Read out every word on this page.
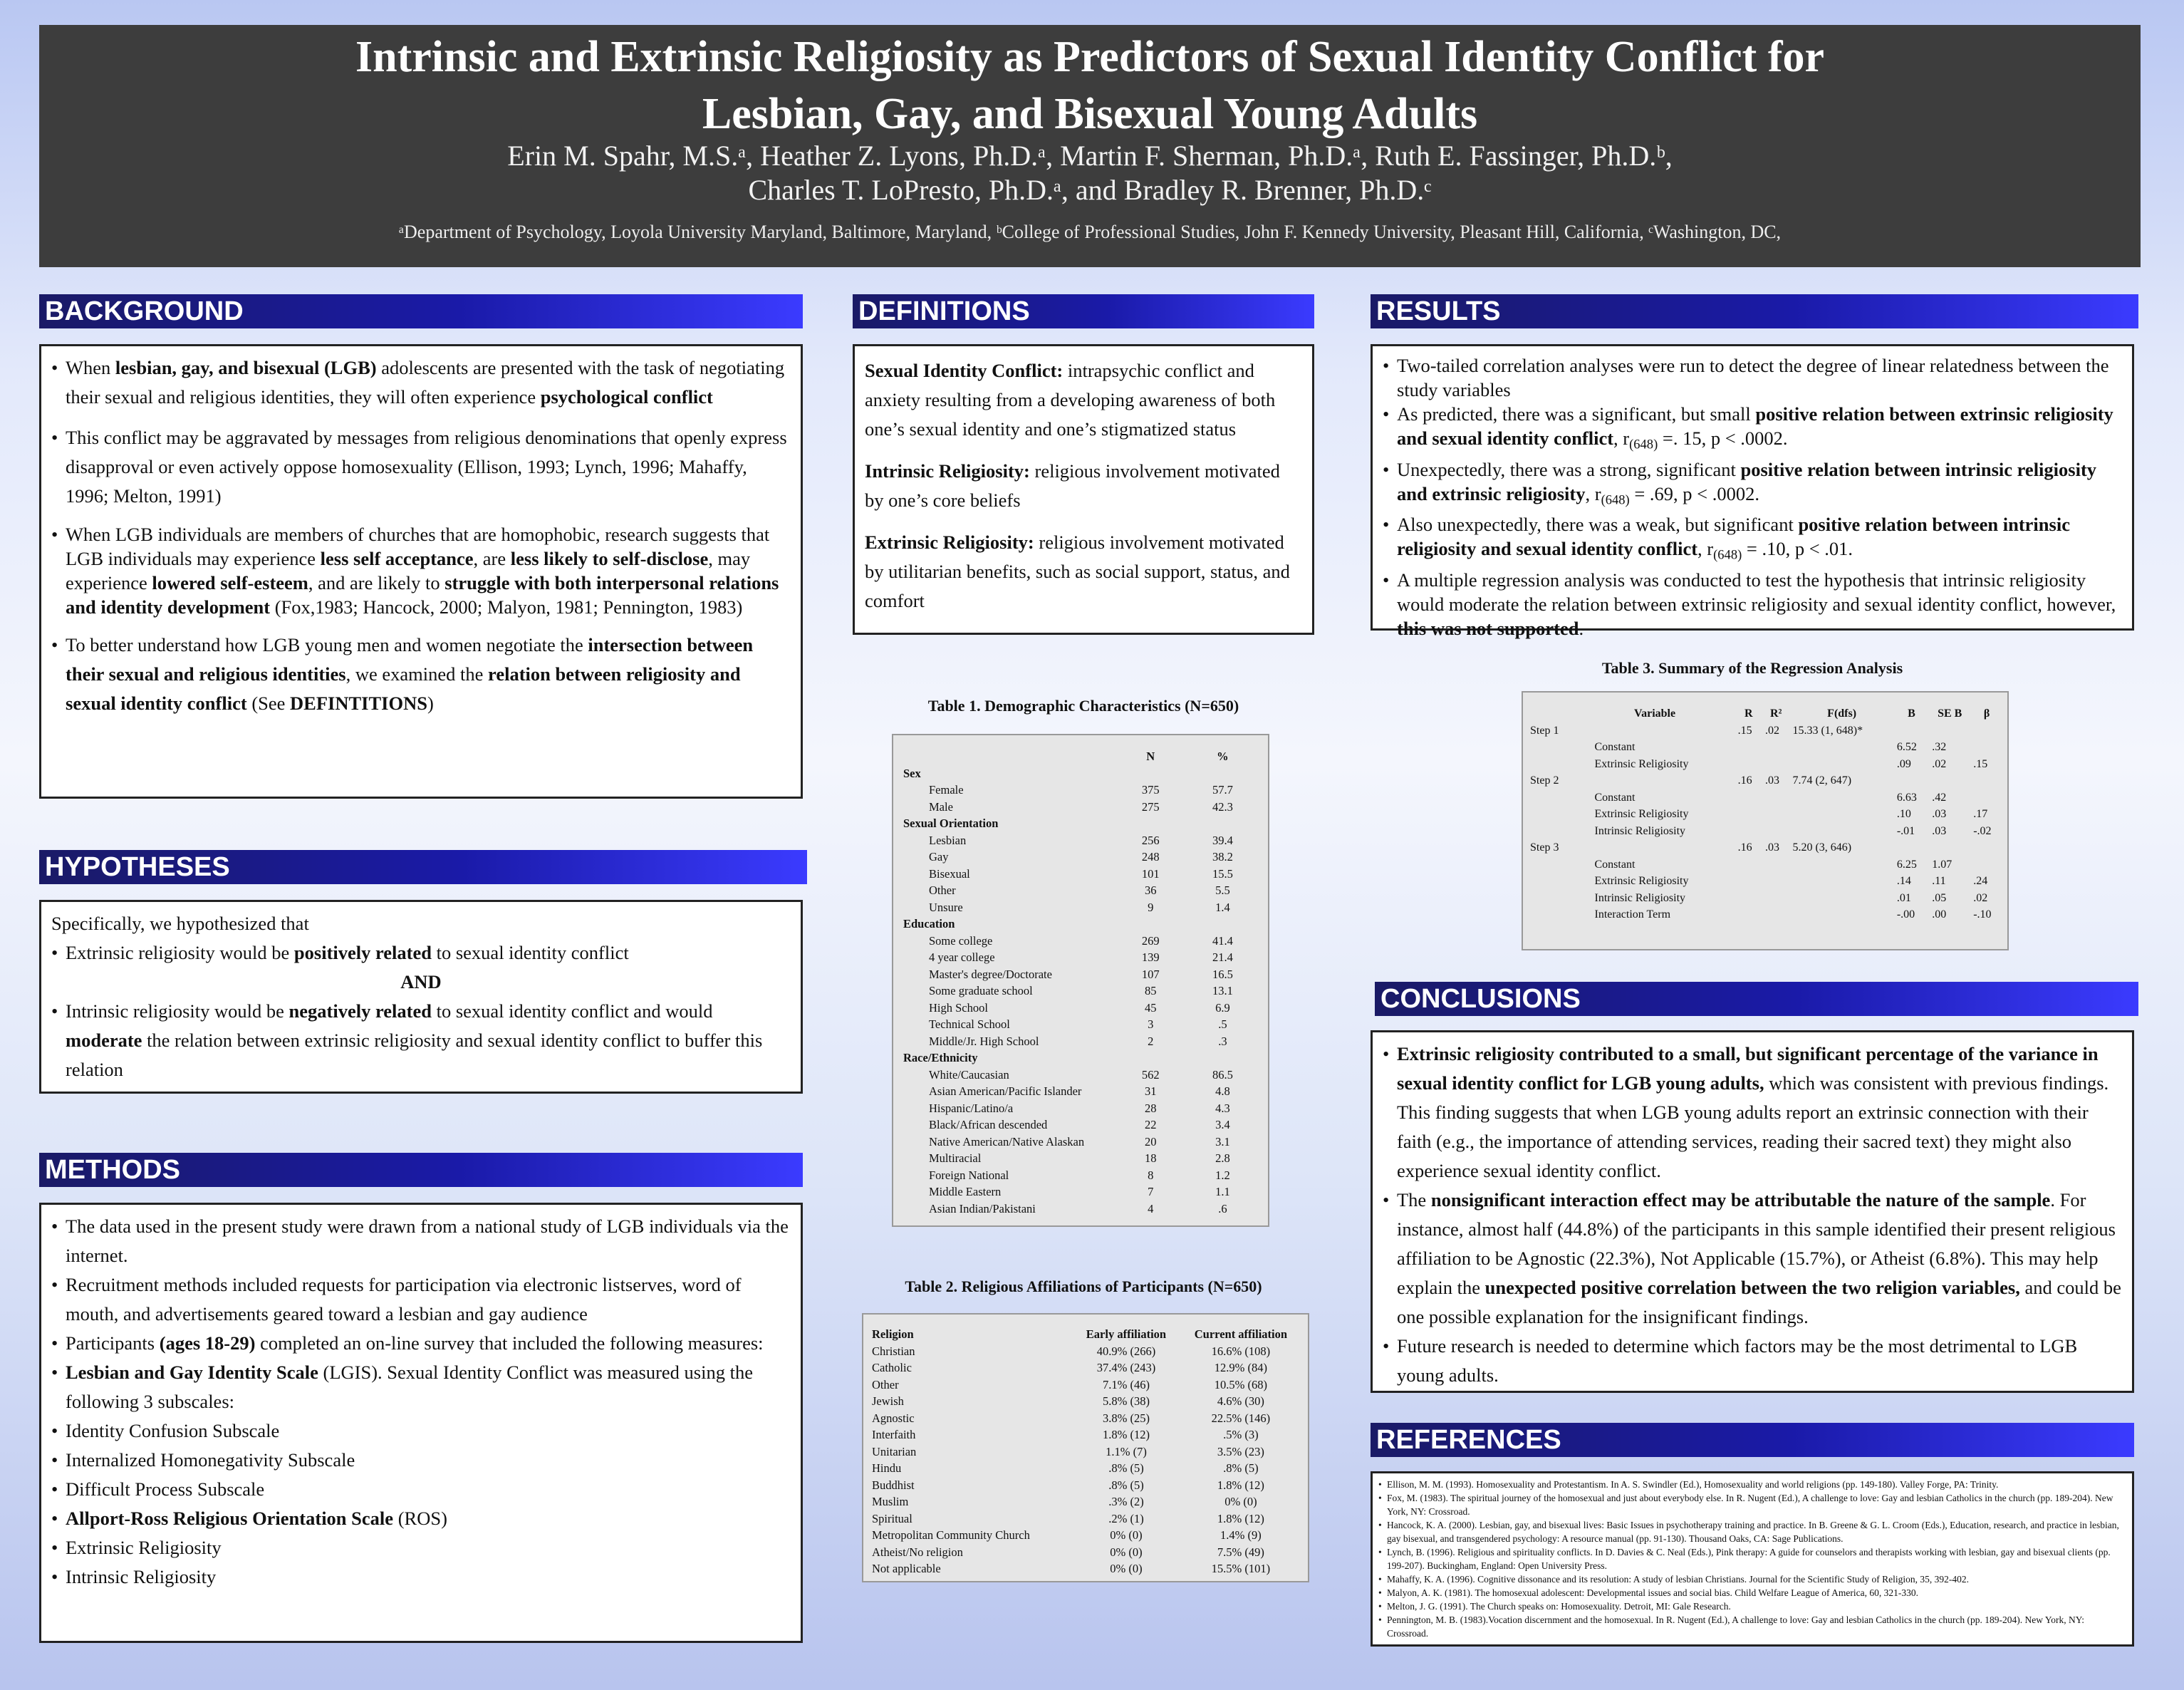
Intrinsic and Extrinsic Religiosity as Predictors of Sexual Identity Conflict for
Lesbian, Gay, and Bisexual Young Adults
Erin M. Spahr, M.S.ᵃ, Heather Z. Lyons, Ph.D.ᵃ, Martin F. Sherman, Ph.D.ᵃ, Ruth E. Fassinger, Ph.D.ᵇ,
Charles T. LoPresto, Ph.D.ᵃ, and Bradley R. Brenner, Ph.D.ᶜ
ᵃDepartment of Psychology, Loyola University Maryland, Baltimore, Maryland, ᵇCollege of Professional Studies, John F. Kennedy University, Pleasant Hill, California, ᶜWashington, DC,
BACKGROUND
• When lesbian, gay, and bisexual (LGB) adolescents are presented with the task of negotiating their sexual and religious identities, they will often experience psychological conflict
• This conflict may be aggravated by messages from religious denominations that openly express disapproval or even actively oppose homosexuality (Ellison, 1993; Lynch, 1996; Mahaffy, 1996; Melton, 1991)
• When LGB individuals are members of churches that are homophobic, research suggests that LGB individuals may experience less self acceptance, are less likely to self-disclose, may experience lowered self-esteem, and are likely to struggle with both interpersonal relations and identity development (Fox,1983; Hancock, 2000; Malyon, 1981; Pennington, 1983)
• To better understand how LGB young men and women negotiate the intersection between their sexual and religious identities, we examined the relation between religiosity and sexual identity conflict (See DEFINTITIONS)
HYPOTHESES
Specifically, we hypothesized that
• Extrinsic religiosity would be positively related to sexual identity conflict
AND
• Intrinsic religiosity would be negatively related to sexual identity conflict and would moderate the relation between extrinsic religiosity and sexual identity conflict to buffer this relation
METHODS
• The data used in the present study were drawn from a national study of LGB individuals via the internet.
• Recruitment methods included requests for participation via electronic listserves, word of mouth, and advertisements geared toward a lesbian and gay audience
• Participants (ages 18-29) completed an on-line survey that included the following measures:
• Lesbian and Gay Identity Scale (LGIS). Sexual Identity Conflict was measured using the following 3 subscales:
• Identity Confusion Subscale
• Internalized Homonegativity Subscale
• Difficult Process Subscale
• Allport-Ross Religious Orientation Scale (ROS)
• Extrinsic Religiosity
• Intrinsic Religiosity
DEFINITIONS

Sexual Identity Conflict: intrapsychic conflict and anxiety resulting from a developing awareness of both one’s sexual identity and one’s stigmatized status

Intrinsic Religiosity: religious involvement motivated by one’s core beliefs

Extrinsic Religiosity: religious involvement motivated by utilitarian benefits, such as social support, status, and comfort

Table 1. Demographic Characteristics (N=650)
	N	%
Sex		
Female	375	57.7
Male	275	42.3
Sexual Orientation		
Lesbian	256	39.4
Gay	248	38.2
Bisexual	101	15.5
Other	36	5.5
Unsure	9	1.4
Education		
Some college	269	41.4
4 year college	139	21.4
Master's degree/Doctorate	107	16.5
Some graduate school	85	13.1
High School	45	6.9
Technical School	3	.5
Middle/Jr. High School	2	.3
Race/Ethnicity		
White/Caucasian	562	86.5
Asian American/Pacific Islander	31	4.8
Hispanic/Latino/a	28	4.3
Black/African descended	22	3.4
Native American/Native Alaskan	20	3.1
Multiracial	18	2.8
Foreign National	8	1.2
Middle Eastern	7	1.1
Asian Indian/Pakistani	4	.6
Table 2. Religious Affiliations of Participants (N=650)
Religion	Early affiliation	Current affiliation
Christian	40.9% (266)	16.6% (108)
Catholic	37.4% (243)	12.9% (84)
Other	7.1% (46)	10.5% (68)
Jewish	5.8% (38)	4.6% (30)
Agnostic	3.8% (25)	22.5% (146)
Interfaith	1.8% (12)	.5% (3)
Unitarian	1.1% (7)	3.5% (23)
Hindu	.8% (5)	.8% (5)
Buddhist	.8% (5)	1.8% (12)
Muslim	.3% (2)	0% (0)
Spiritual	.2% (1)	1.8% (12)
Metropolitan Community Church	0% (0)	1.4% (9)
Atheist/No religion	0% (0)	7.5% (49)
Not applicable	0% (0)	15.5% (101)
RESULTS
• Two-tailed correlation analyses were run to detect the degree of linear relatedness between the study variables
• As predicted, there was a significant, but small positive relation between extrinsic religiosity and sexual identity conflict, $r_{(648)}$ =. 15, p < .0002.
• Unexpectedly, there was a strong, significant positive relation between intrinsic religiosity and extrinsic religiosity, $r_{(648)} = .69$, p < .0002.
• Also unexpectedly, there was a weak, but significant positive relation between intrinsic religiosity and sexual identity conflict, $r_{(648)} = .10$, p < .01.
• A multiple regression analysis was conducted to test the hypothesis that intrinsic religiosity would moderate the relation between extrinsic religiosity and sexual identity conflict, however, this was not supported.
Table 3. Summary of the Regression Analysis
	Variable	R	R²	F(dfs)	B	SE B	β
Step 1		.15	.02	15.33 (1, 648)*			

	Constant				6.52	.32	
	Extrinsic Religiosity				.09	.02	.15
Step 2		.16	.03	7.74 (2, 647)			
	Constant				6.63	.42	
	Extrinsic Religiosity				.10	.03	.17
	Intrinsic Religiosity				-.01	.03	-.02
Step 3		.16	.03	5.20 (3, 646)			
	Constant				6.25	1.07	
	Extrinsic Religiosity				.14	.11	.24
	Intrinsic Religiosity				.01	.05	.02
	Interaction Term				-.00	.00	-.10
CONCLUSIONS
• Extrinsic religiosity contributed to a small, but significant percentage of the variance in sexual identity conflict for LGB young adults, which was consistent with previous findings. This finding suggests that when LGB young adults report an extrinsic connection with their faith (e.g., the importance of attending services, reading their sacred text) they might also experience sexual identity conflict.
• The nonsignificant interaction effect may be attributable the nature of the sample. For instance, almost half (44.8%) of the participants in this sample identified their present religious affiliation to be Agnostic (22.3%), Not Applicable (15.7%), or Atheist (6.8%). This may help explain the unexpected positive correlation between the two religion variables, and could be one possible explanation for the insignificant findings.
• Future research is needed to determine which factors may be the most detrimental to LGB young adults.
REFERENCES
• Ellison, M. M. (1993). Homosexuality and Protestantism. In A. S. Swindler (Ed.), Homosexuality and world religions (pp. 149-180). Valley Forge, PA: Trinity.
• Fox, M. (1983). The spiritual journey of the homosexual and just about everybody else. In R. Nugent (Ed.), A challenge to love: Gay and lesbian Catholics in the church (pp. 189-204). New York, NY: Crossroad.
• Hancock, K. A. (2000). Lesbian, gay, and bisexual lives: Basic Issues in psychotherapy training and practice. In B. Greene & G. L. Croom (Eds.), Education, research, and practice in lesbian, gay bisexual, and transgendered psychology: A resource manual (pp. 91-130). Thousand Oaks, CA: Sage Publications.
• Lynch, B. (1996). Religious and spirituality conflicts. In D. Davies & C. Neal (Eds.), Pink therapy: A guide for counselors and therapists working with lesbian, gay and bisexual clients (pp. 199-207). Buckingham, England: Open University Press.
• Mahaffy, K. A. (1996). Cognitive dissonance and its resolution: A study of lesbian Christians. Journal for the Scientific Study of Religion, 35, 392-402.
• Malyon, A. K. (1981). The homosexual adolescent: Developmental issues and social bias. Child Welfare League of America, 60, 321-330.
• Melton, J. G. (1991). The Church speaks on: Homosexuality. Detroit, MI: Gale Research.
• Pennington, M. B. (1983).Vocation discernment and the homosexual. In R. Nugent (Ed.), A challenge to love: Gay and lesbian Catholics in the church (pp. 189-204). New York, NY: Crossroad.
